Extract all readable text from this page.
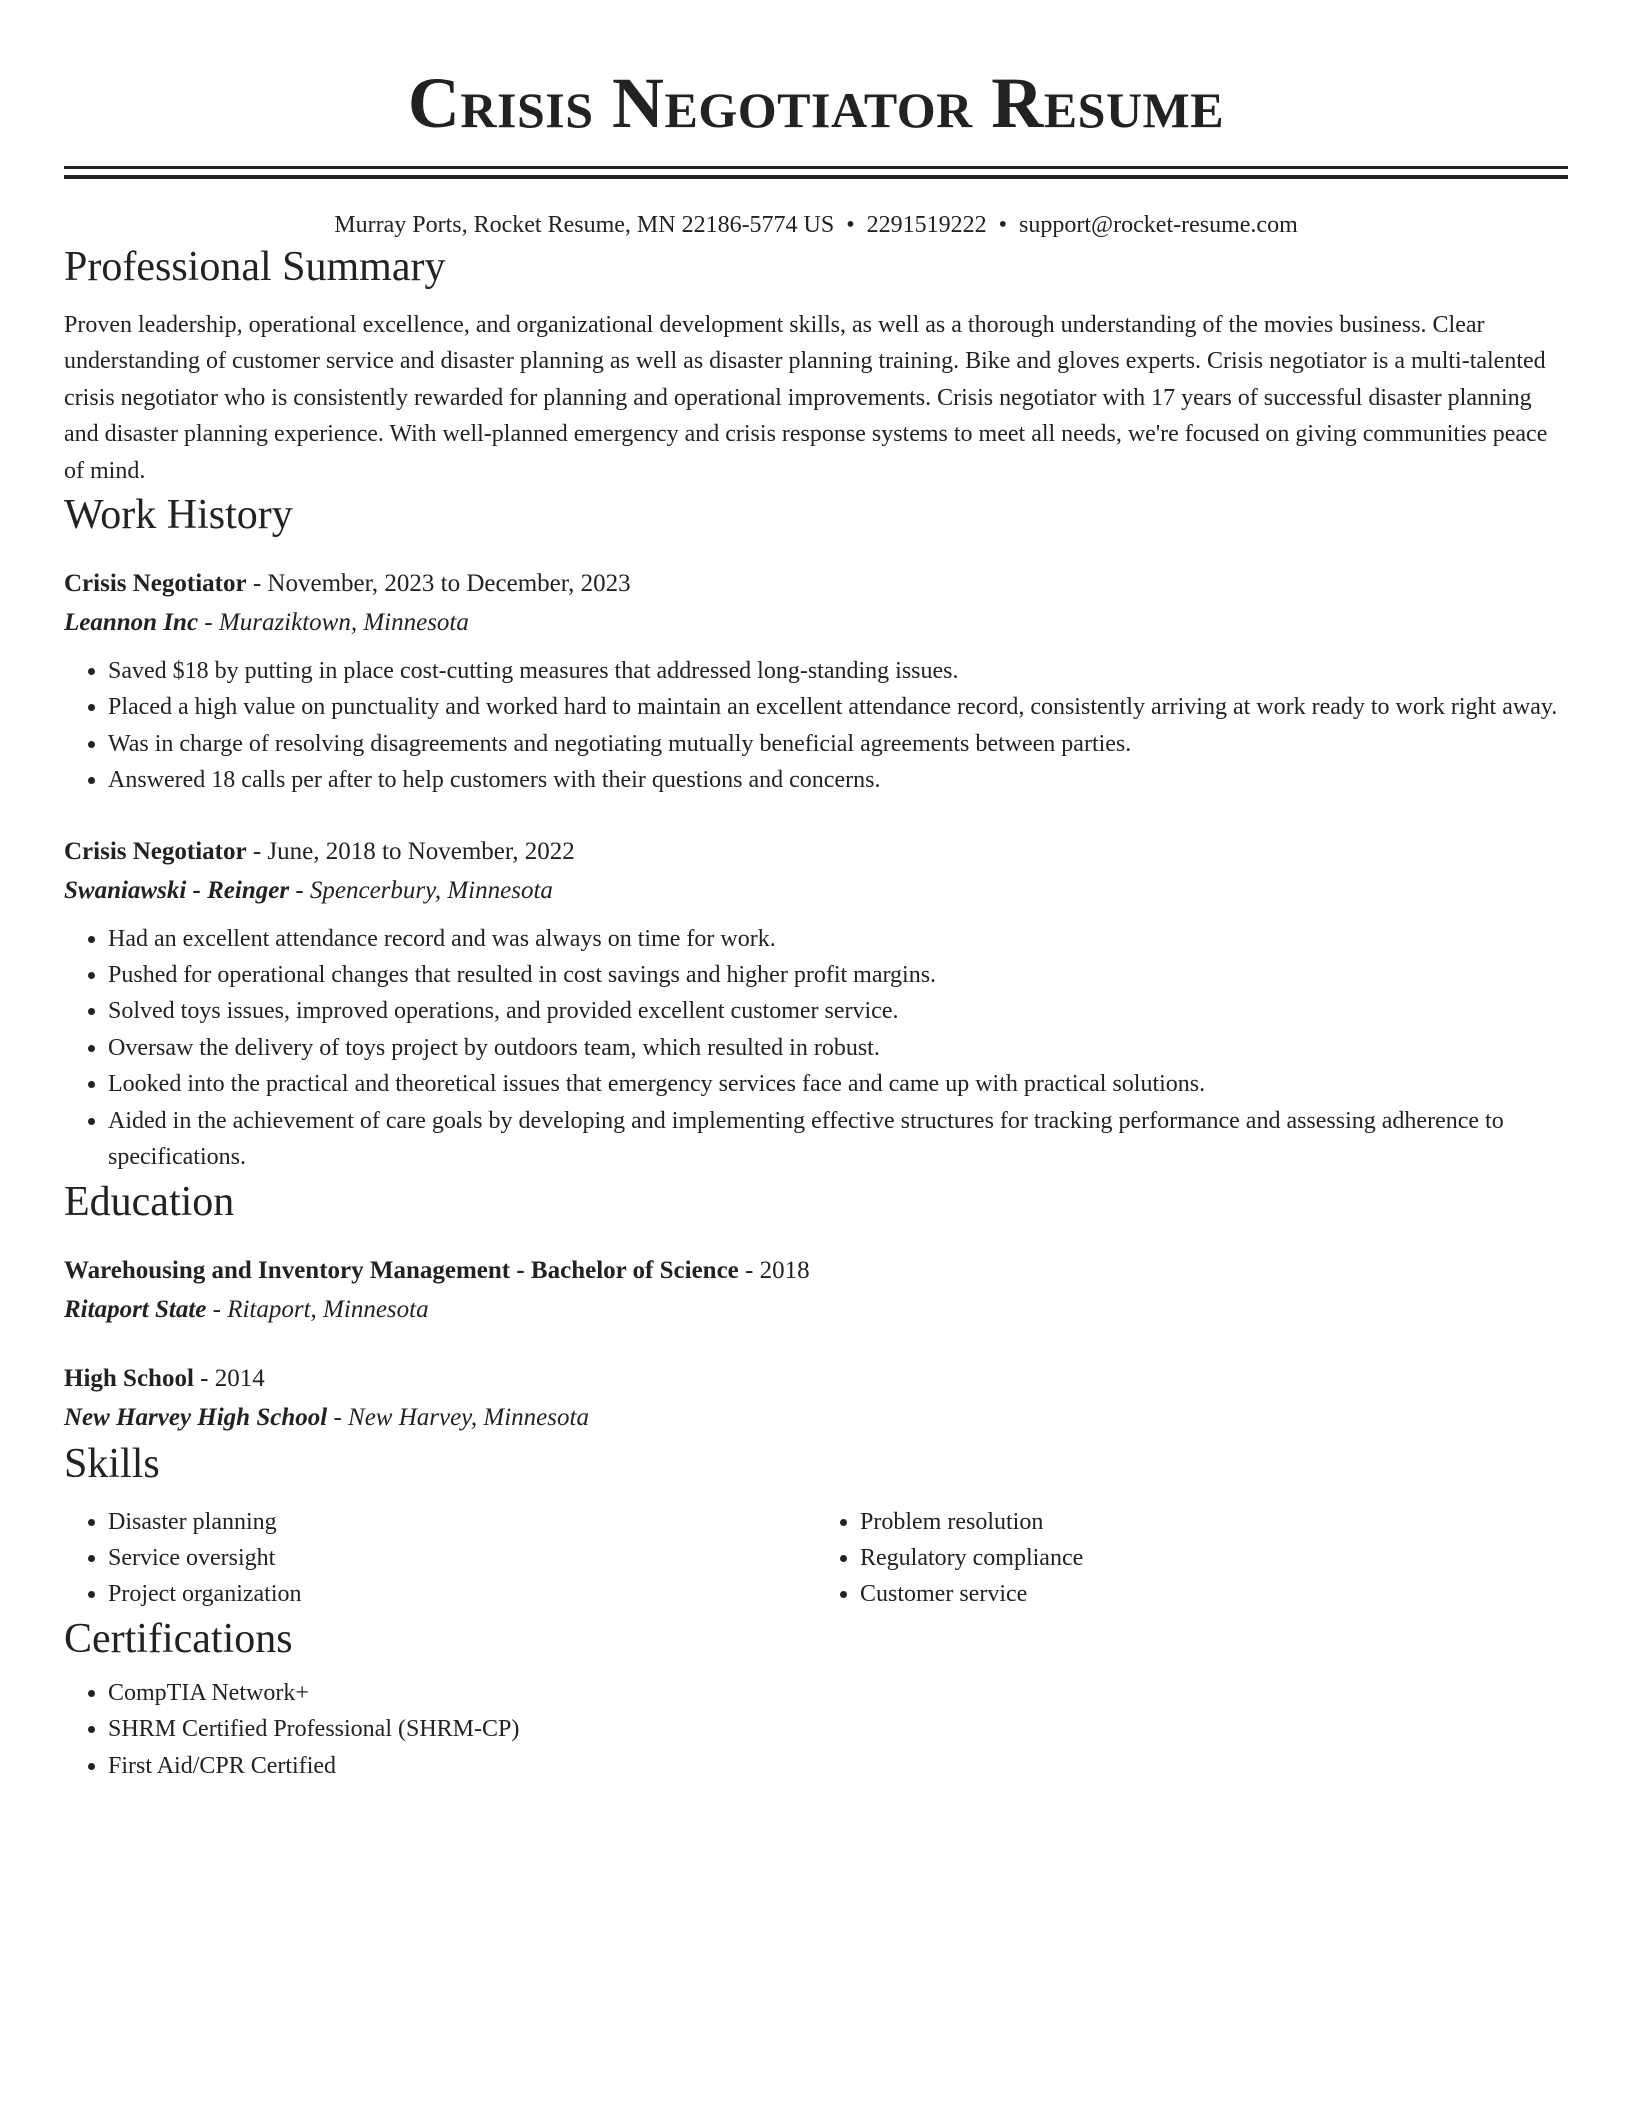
Crisis Negotiator Resume
Murray Ports, Rocket Resume, MN 22186-5774 US • 2291519222 • support@rocket-resume.com
Professional Summary

Proven leadership, operational excellence, and organizational development skills, as well as a thorough understanding of the movies business. Clear understanding of customer service and disaster planning as well as disaster planning training. Bike and gloves experts. Crisis negotiator is a multi-talented crisis negotiator who is consistently rewarded for planning and operational improvements. Crisis negotiator with 17 years of successful disaster planning and disaster planning experience. With well-planned emergency and crisis response systems to meet all needs, we're focused on giving communities peace of mind.

Work History
Crisis Negotiator - November, 2023 to December, 2023
Leannon Inc - Muraziktown, Minnesota
• Saved $18 by putting in place cost-cutting measures that addressed long-standing issues.
• Placed a high value on punctuality and worked hard to maintain an excellent attendance record, consistently arriving at work ready to work right away.
• Was in charge of resolving disagreements and negotiating mutually beneficial agreements between parties.
• Answered 18 calls per after to help customers with their questions and concerns.
Crisis Negotiator - June, 2018 to November, 2022
Swaniawski - Reinger - Spencerbury, Minnesota
• Had an excellent attendance record and was always on time for work.
• Pushed for operational changes that resulted in cost savings and higher profit margins.
• Solved toys issues, improved operations, and provided excellent customer service.
• Oversaw the delivery of toys project by outdoors team, which resulted in robust.
• Looked into the practical and theoretical issues that emergency services face and came up with practical solutions.
• Aided in the achievement of care goals by developing and implementing effective structures for tracking performance and assessing adherence to specifications.
Education
Warehousing and Inventory Management - Bachelor of Science - 2018
Ritaport State - Ritaport, Minnesota
High School - 2014
New Harvey High School - New Harvey, Minnesota
Skills
• Disaster planning
• Service oversight
• Project organization
• Problem resolution
• Regulatory compliance
• Customer service
Certifications
• CompTIA Network+
• SHRM Certified Professional (SHRM-CP)
• First Aid/CPR Certified
